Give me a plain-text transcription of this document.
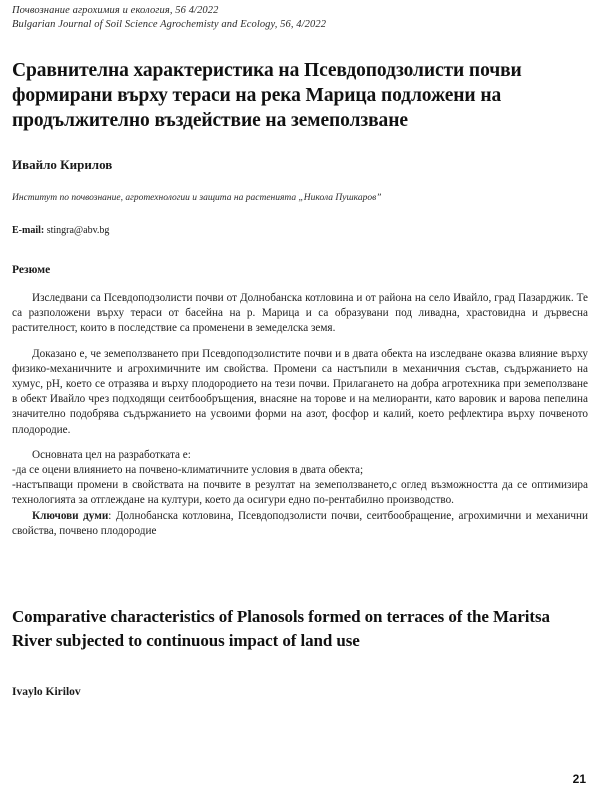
Почвознание агрохимия и екология, 56 4/2022
Bulgarian Journal of Soil Science Agrochemisty and Ecology, 56, 4/2022
Сравнителна характеристика на Псевдоподзолисти почви формирани върху тераси на река Марица подложени на продължително въздействие на земеползване
Ивайло Кирилов
Институт по почвознание, агротехнологии и защита на растенията „Никола Пушкаров”
E-mail: stingra@abv.bg
Резюме

Изследвани са Псевдоподзолисти почви от Долнобанска котловина и от района на село Ивайло, град Пазарджик. Те са разположени върху тераси от басейна на р. Марица и са образувани под ливадна, храстовидна и дървесна растителност, които в последствие са променени в земеделска земя.

Доказано е, че земеползването при Псевдоподзолистите почви и в двата обекта на изследване оказва влияние върху физико-механичните и агрохимичните им свойства. Промени са настъпили в механичния състав, съдържанието на хумус, рН, което се отразява и върху плодородието на тези почви. Прилагането на добра агротехника при земеползване в обект Ивайло чрез подходящи сеитбообръщения, внасяне на торове и на мелиоранти, като варовик и варова пепелина значително подобрява съдържанието на усвоими форми на азот, фосфор и калий, което рефлектира върху почвеното плодородие.

Основната цел на разработката е:

-да се оцени влиянието на почвено-климатичните условия в двата обекта;

-настъпващи промени в свойствата на почвите в резултат на земеползването,с оглед възможността да се оптимизира технологията за отглеждане на култури, което да осигури едно по-рентабилно производство.

Ключови думи: Долнобанска котловина, Псевдоподзолисти почви, сеитбообращение, агрохимични и механични свойства, почвено плодородие

Comparative characteristics of Planosols formed on terraces of the Maritsa River subjected to continuous impact of land use
Ivaylo Kirilov
21
